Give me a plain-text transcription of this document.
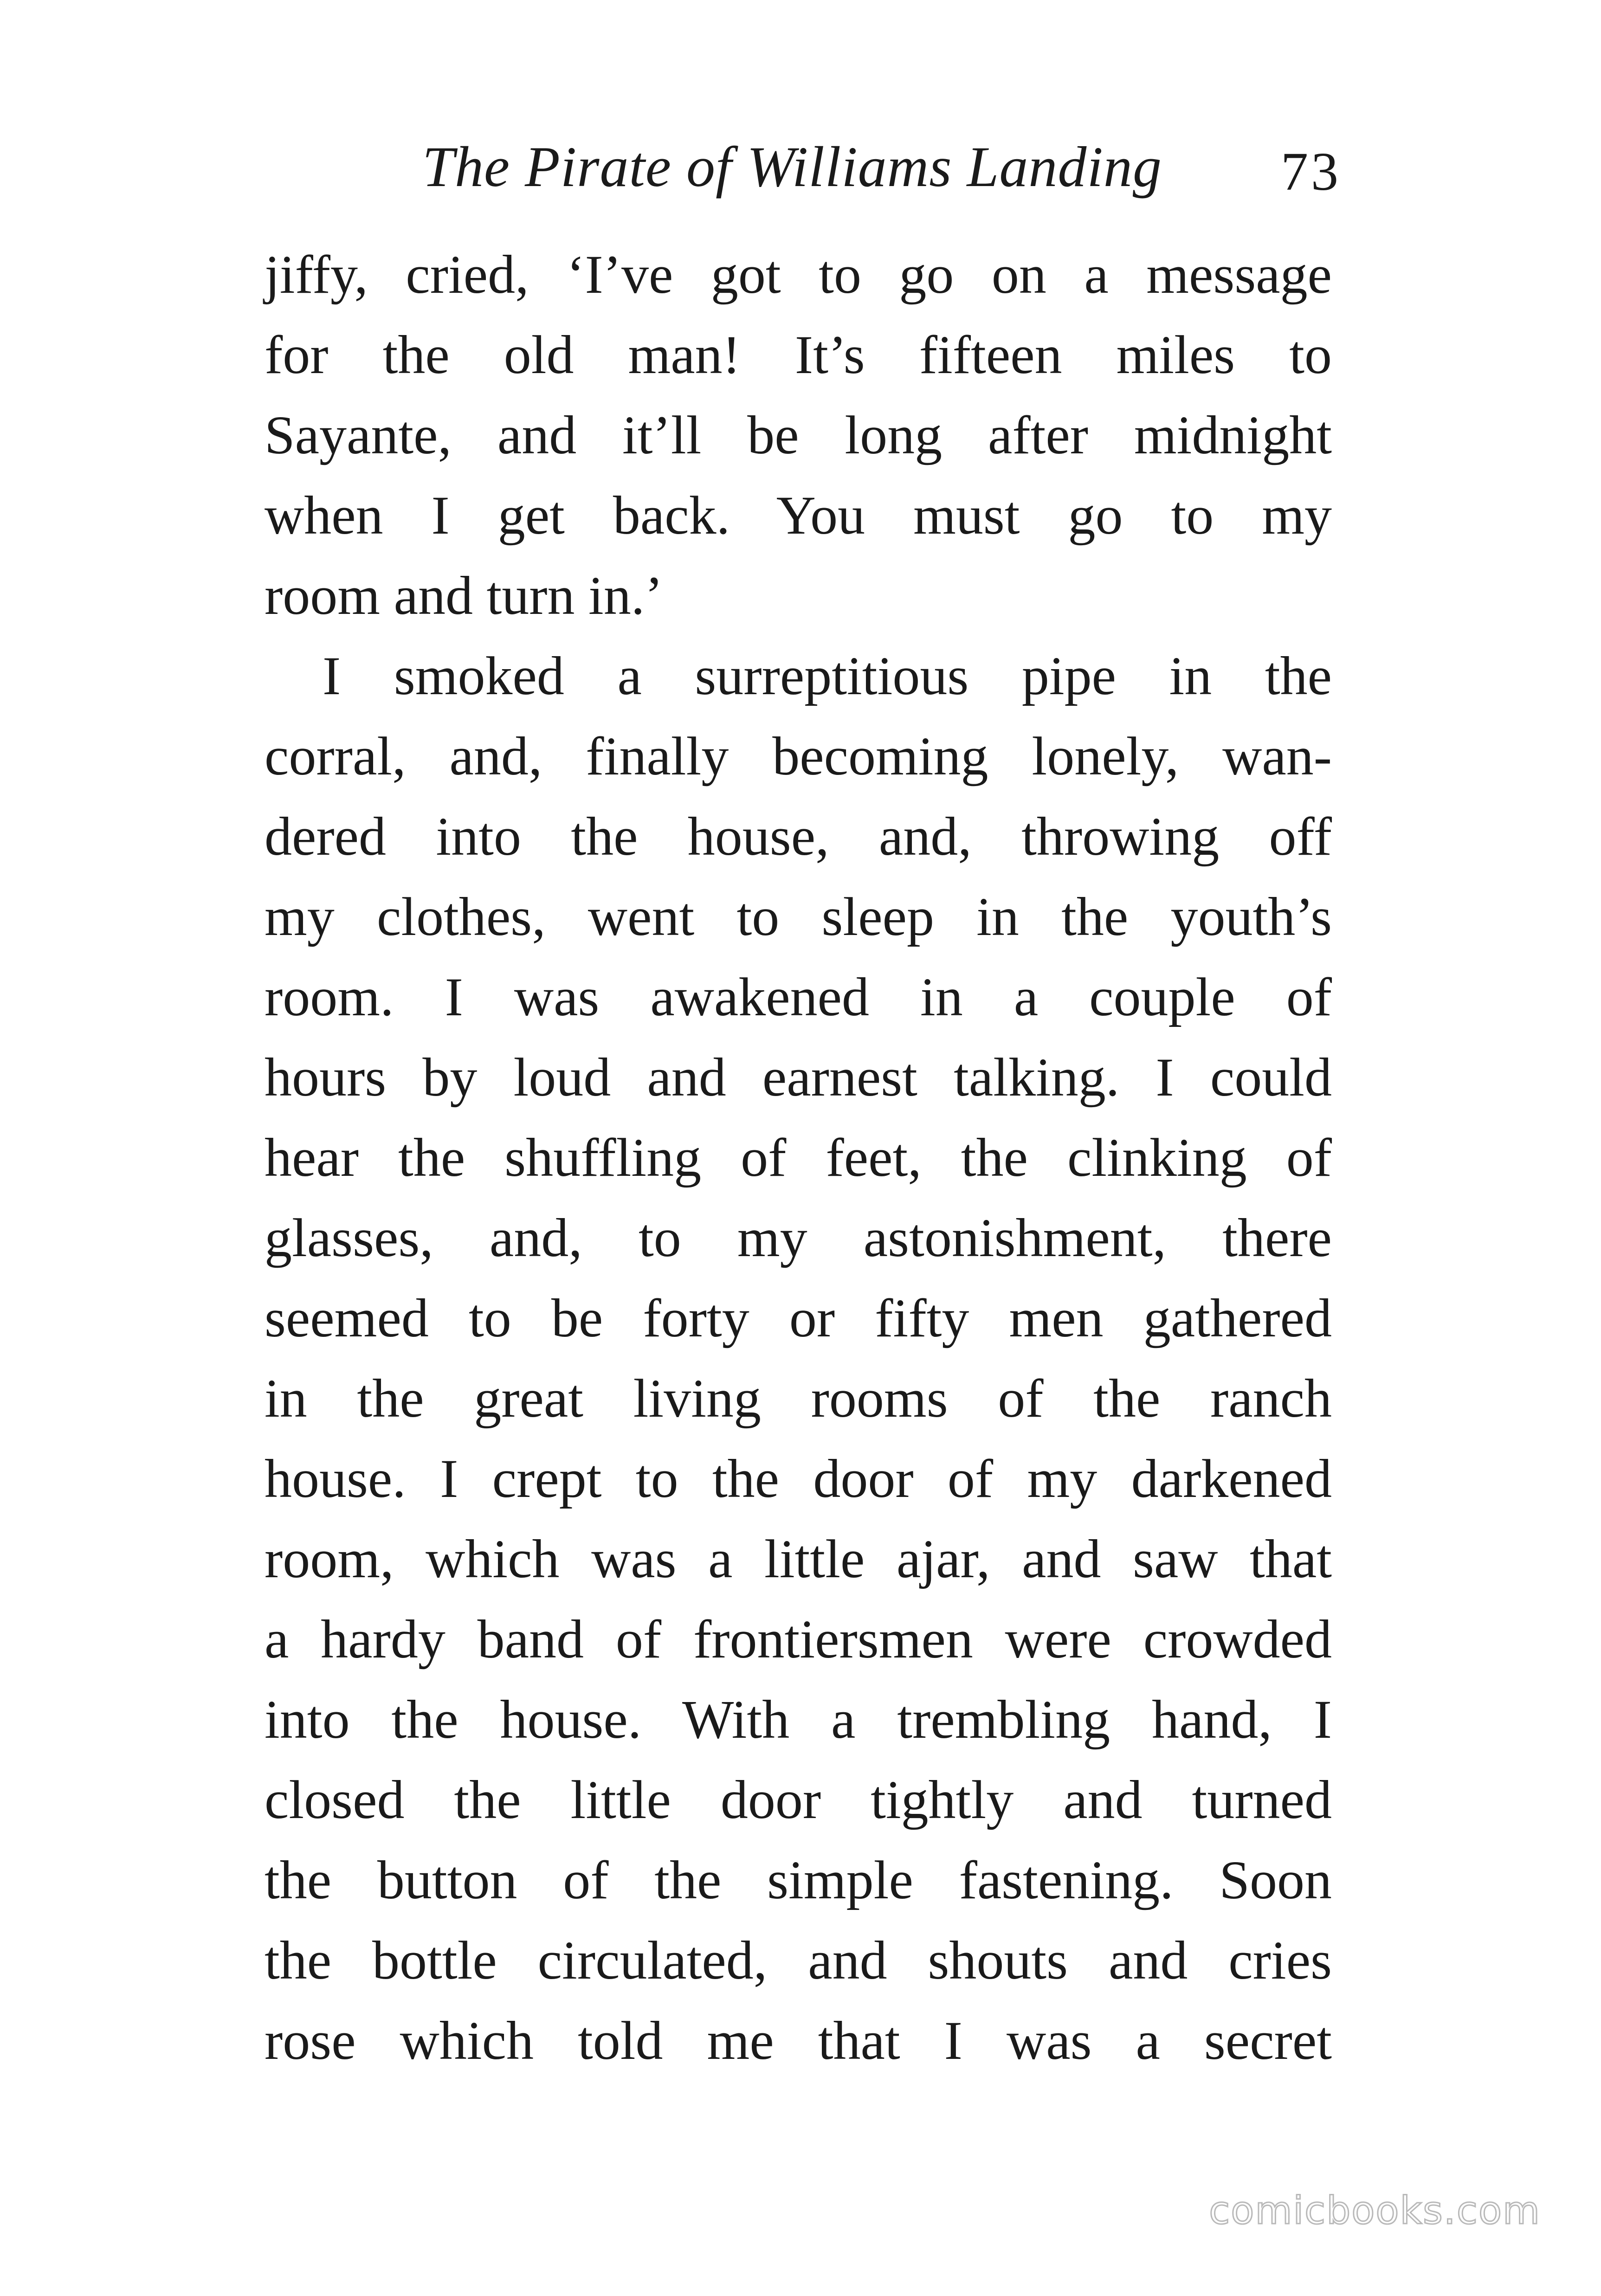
The Pirate of Williams Landing 73
jiffy, cried, ‘I’ve got to go on a message
for the old man! It’s fifteen miles to
Sayante, and it’ll be long after midnight
when I get back. You must go to my
room and turn in.’
I smoked a surreptitious pipe in the
corral, and, finally becoming lonely, wan-
dered into the house, and, throwing off
my clothes, went to sleep in the youth’s
room. I was awakened in a couple of
hours by loud and earnest talking. I could
hear the shuffling of feet, the clinking of
glasses, and, to my astonishment, there
seemed to be forty or fifty men gathered
in the great living rooms of the ranch
house. I crept to the door of my darkened
room, which was a little ajar, and saw that
a hardy band of frontiersmen were crowded
into the house. With a trembling hand, I
closed the little door tightly and turned
the button of the simple fastening. Soon
the bottle circulated, and shouts and cries
rose which told me that I was a secret
comicbooks.com
